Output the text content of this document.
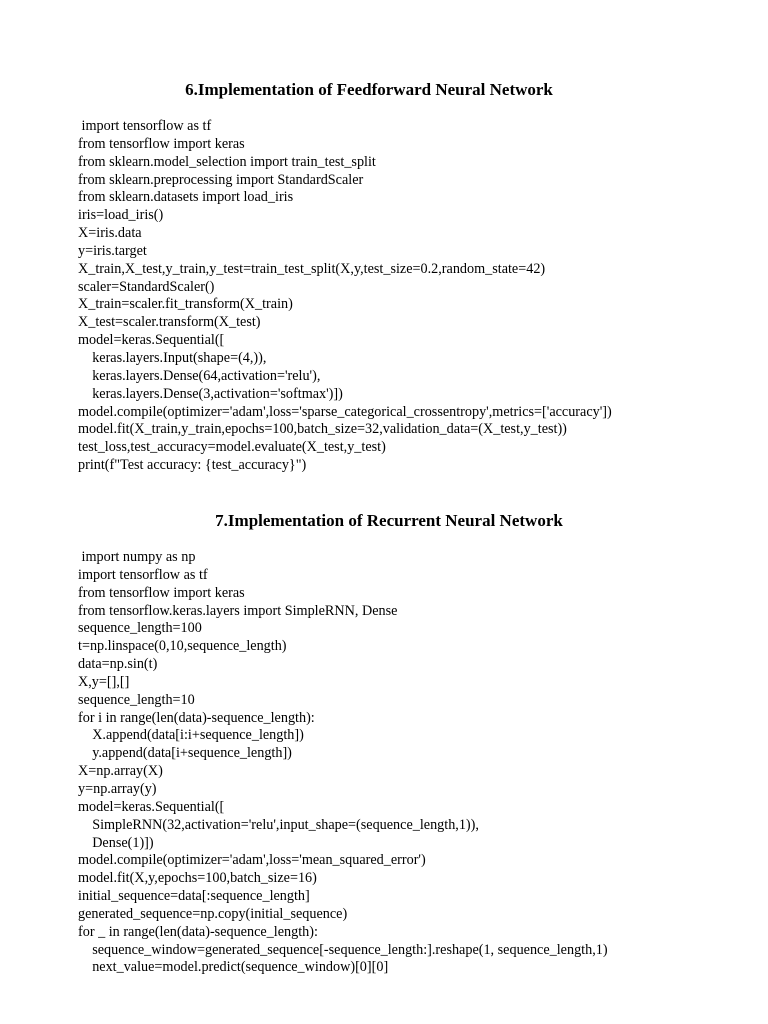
6.Implementation of Feedforward Neural Network
import tensorflow as tf
from tensorflow import keras
from sklearn.model_selection import train_test_split
from sklearn.preprocessing import StandardScaler
from sklearn.datasets import load_iris
iris=load_iris()
X=iris.data
y=iris.target
X_train,X_test,y_train,y_test=train_test_split(X,y,test_size=0.2,random_state=42)
scaler=StandardScaler()
X_train=scaler.fit_transform(X_train)
X_test=scaler.transform(X_test)
model=keras.Sequential([
keras.layers.Input(shape=(4,)),
keras.layers.Dense(64,activation='relu'),
keras.layers.Dense(3,activation='softmax')])
model.compile(optimizer='adam',loss='sparse_categorical_crossentropy',metrics=['accuracy'])
model.fit(X_train,y_train,epochs=100,batch_size=32,validation_data=(X_test,y_test))
test_loss,test_accuracy=model.evaluate(X_test,y_test)
print(f"Test accuracy: {test_accuracy}")
7.Implementation of Recurrent Neural Network
import numpy as np
import tensorflow as tf
from tensorflow import keras
from tensorflow.keras.layers import SimpleRNN, Dense
sequence_length=100
t=np.linspace(0,10,sequence_length)
data=np.sin(t)
X,y=[],[]
sequence_length=10
for i in range(len(data)-sequence_length):
X.append(data[i:i+sequence_length])
y.append(data[i+sequence_length])
X=np.array(X)
y=np.array(y)
model=keras.Sequential([
SimpleRNN(32,activation='relu',input_shape=(sequence_length,1)),
Dense(1)])
model.compile(optimizer='adam',loss='mean_squared_error')
model.fit(X,y,epochs=100,batch_size=16)
initial_sequence=data[:sequence_length]
generated_sequence=np.copy(initial_sequence)
for _ in range(len(data)-sequence_length):
sequence_window=generated_sequence[-sequence_length:].reshape(1, sequence_length,1)
next_value=model.predict(sequence_window)[0][0]
